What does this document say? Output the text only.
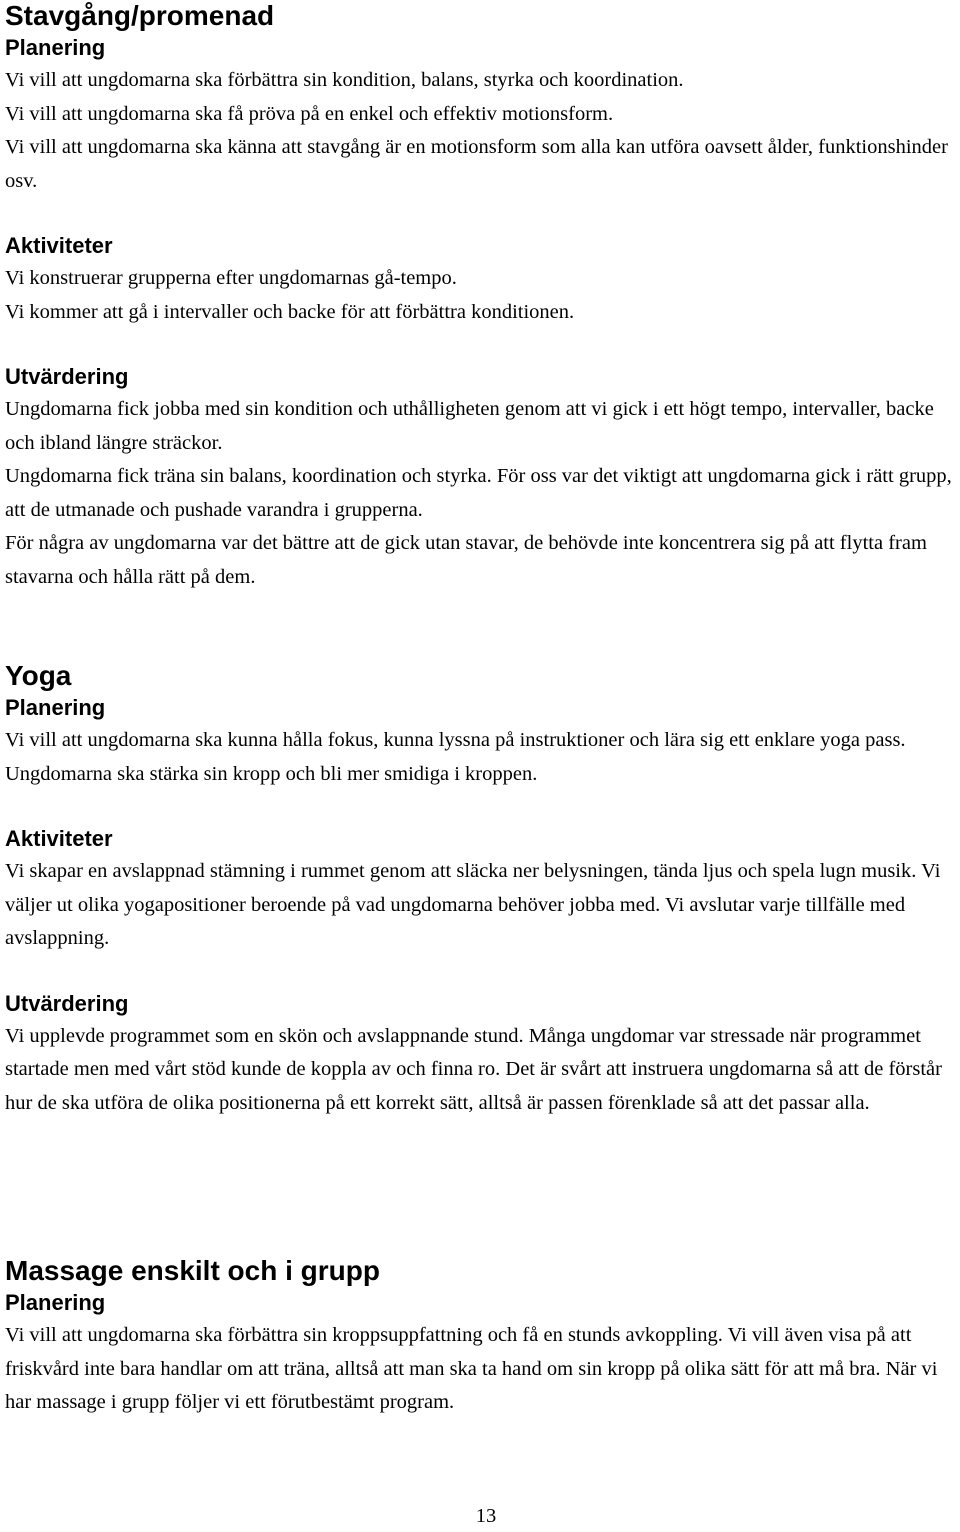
Stavgång/promenad
Planering

Vi vill att ungdomarna ska förbättra sin kondition, balans, styrka och koordination.

Vi vill att ungdomarna ska få pröva på en enkel och effektiv motionsform.

Vi vill att ungdomarna ska känna att stavgång är en motionsform som alla kan utföra oavsett ålder, funktionshinder osv.

Aktiviteter

Vi konstruerar grupperna efter ungdomarnas gå-tempo.

Vi kommer att gå i intervaller och backe för att förbättra konditionen.

Utvärdering

Ungdomarna fick jobba med sin kondition och uthålligheten genom att vi gick i ett högt tempo, intervaller, backe och ibland längre sträckor.

Ungdomarna fick träna sin balans, koordination och styrka. För oss var det viktigt att ungdomarna gick i rätt grupp, att de utmanade och pushade varandra i grupperna.

För några av ungdomarna var det bättre att de gick utan stavar, de behövde inte koncentrera sig på att flytta fram stavarna och hålla rätt på dem.

Yoga
Planering

Vi vill att ungdomarna ska kunna hålla fokus, kunna lyssna på instruktioner och lära sig ett enklare yoga pass.

Ungdomarna ska stärka sin kropp och bli mer smidiga i kroppen.

Aktiviteter

Vi skapar en avslappnad stämning i rummet genom att släcka ner belysningen, tända ljus och spela lugn musik. Vi väljer ut olika yogapositioner beroende på vad ungdomarna behöver jobba med. Vi avslutar varje tillfälle med avslappning.

Utvärdering

Vi upplevde programmet som en skön och avslappnande stund. Många ungdomar var stressade när programmet startade men med vårt stöd kunde de koppla av och finna ro. Det är svårt att instruera ungdomarna så att de förstår hur de ska utföra de olika positionerna på ett korrekt sätt, alltså är passen förenklade så att det passar alla.

Massage enskilt och i grupp
Planering

Vi vill att ungdomarna ska förbättra sin kroppsuppfattning och få en stunds avkoppling. Vi vill även visa på att friskvård inte bara handlar om att träna, alltså att man ska ta hand om sin kropp på olika sätt för att må bra. När vi har massage i grupp följer vi ett förutbestämt program.

13
